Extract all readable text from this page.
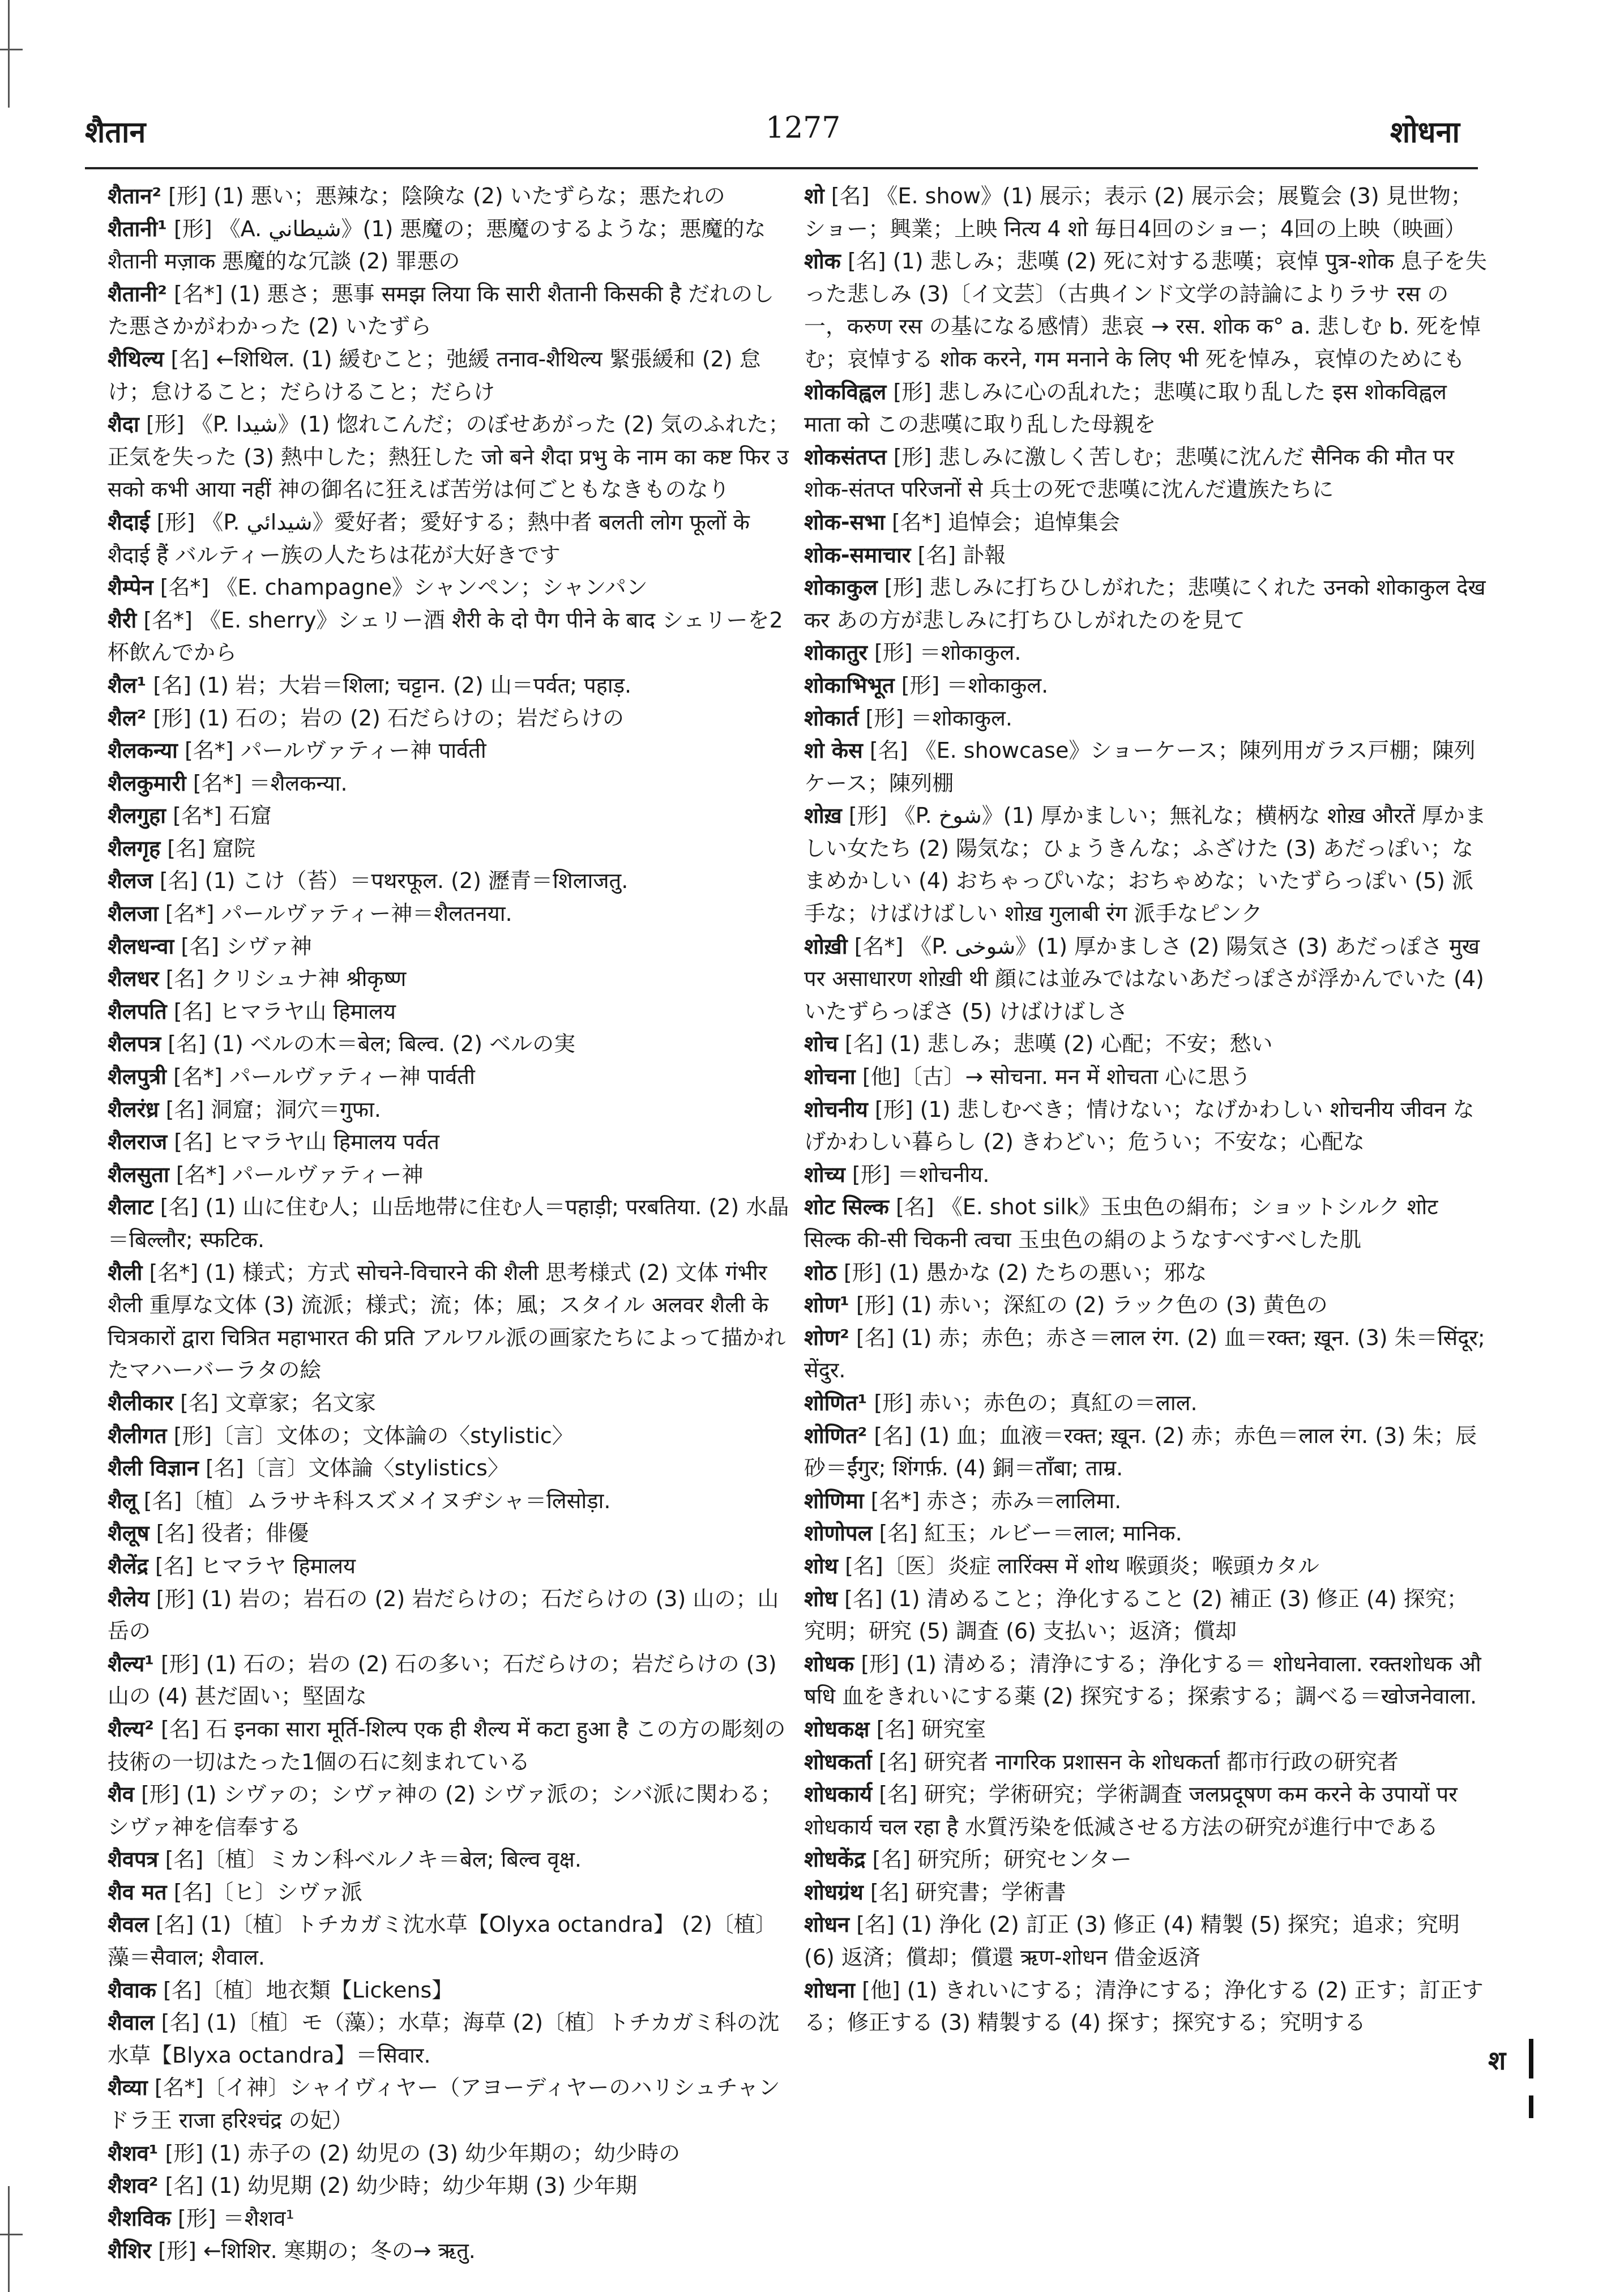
शैतान	1277	शोधना

शैतान² [形] (1) 悪い；悪辣な；陰険な (2) いたずらな；悪たれの

शैतानी¹ [形] 《A. شيطاني》(1) 悪魔の；悪魔のするような；悪魔的な शैतानी मज़ाक 悪魔的な冗談 (2) 罪悪の

शैतानी² [名*] (1) 悪さ；悪事 समझ लिया कि सारी शैतानी किसकी है だれのした悪さかがわかった (2) いたずら

शैथिल्य [名] ←शिथिल. (1) 緩むこと；弛緩 तनाव-शैथिल्य 緊張緩和 (2) 怠け；怠けること；だらけること；だらけ

शैदा [形] 《P. شيدا》(1) 惚れこんだ；のぼせあがった (2) 気のふれた；正気を失った (3) 熱中した；熱狂した जो बने शैदा प्रभु के नाम का कष्ट फिर उसको कभी आया नहीं 神の御名に狂えば苦労は何ごともなきものなり

शैदाई [形] 《P. شيدائي》愛好者；愛好する；熱中者 बलती लोग फूलों के शैदाई हैं バルティー族の人たちは花が大好きです

शैम्पेन [名*] 《E. champagne》シャンペン；シャンパン

शैरी [名*] 《E. sherry》シェリー酒 शैरी के दो पैग पीने के बाद シェリーを2杯飲んでから

शैल¹ [名] (1) 岩；大岩＝शिला; चट्टान. (2) 山＝पर्वत; पहाड़.

शैल² [形] (1) 石の；岩の (2) 石だらけの；岩だらけの

शैलकन्या [名*] パールヴァティー神 पार्वती

शैलकुमारी [名*] ＝शैलकन्या.

शैलगुहा [名*] 石窟

शैलगृह [名] 窟院

शैलज [名] (1) こけ（苔）＝पथरफूल. (2) 瀝青＝शिलाजतु.

शैलजा [名*] パールヴァティー神＝शैलतनया.

शैलधन्वा [名] シヴァ神

शैलधर [名] クリシュナ神 श्रीकृष्ण

शैलपति [名] ヒマラヤ山 हिमालय

शैलपत्र [名] (1) ベルの木＝बेल; बिल्व. (2) ベルの実

शैलपुत्री [名*] パールヴァティー神 पार्वती

शैलरंध्र [名] 洞窟；洞穴＝गुफा.

शैलराज [名] ヒマラヤ山 हिमालय पर्वत

शैलसुता [名*] パールヴァティー神

शैलाट [名] (1) 山に住む人；山岳地帯に住む人＝पहाड़ी; परबतिया. (2) 水晶＝बिल्लौर; स्फटिक.

शैली [名*] (1) 様式；方式 सोचने-विचारने की शैली 思考様式 (2) 文体 गंभीर शैली 重厚な文体 (3) 流派；様式；流；体；風；スタイル अलवर शैली के चित्रकारों द्वारा चित्रित महाभारत की प्रति アルワル派の画家たちによって描かれたマハーバーラタの絵

शैलीकार [名] 文章家；名文家

शैलीगत [形]〔言〕文体の；文体論の〈stylistic〉

शैली विज्ञान [名]〔言〕文体論〈stylistics〉

शैलू [名]〔植〕ムラサキ科スズメイヌヂシャ＝लिसोड़ा.

शैलूष [名] 役者；俳優

शैलेंद्र [名] ヒマラヤ हिमालय

शैलेय [形] (1) 岩の；岩石の (2) 岩だらけの；石だらけの (3) 山の；山岳の

शैल्य¹ [形] (1) 石の；岩の (2) 石の多い；石だらけの；岩だらけの (3) 山の (4) 甚だ固い；堅固な

शैल्य² [名] 石 इनका सारा मूर्ति-शिल्प एक ही शैल्य में कटा हुआ है この方の彫刻の技術の一切はたった1個の石に刻まれている

शैव [形] (1) シヴァの；シヴァ神の (2) シヴァ派の；シバ派に関わる；シヴァ神を信奉する

शैवपत्र [名]〔植〕ミカン科ベルノキ＝बेल; बिल्व वृक्ष.

शैव मत [名]〔ヒ〕シヴァ派

शैवल [名] (1)〔植〕トチカガミ沈水草【Olyxa octandra】 (2)〔植〕藻＝सैवाल; शैवाल.

शैवाक [名]〔植〕地衣類【Lickens】

शैवाल [名] (1)〔植〕モ（藻）；水草；海草 (2)〔植〕トチカガミ科の沈水草【Blyxa octandra】＝सिवार.

शैव्या [名*]〔イ神〕シャイヴィヤー（アヨーディヤーのハリシュチャンドラ王 राजा हरिश्चंद्र の妃）

शैशव¹ [形] (1) 赤子の (2) 幼児の (3) 幼少年期の；幼少時の

शैशव² [名] (1) 幼児期 (2) 幼少時；幼少年期 (3) 少年期

शैशविक [形] ＝शैशव¹

शैशिर [形] ←शिशिर. 寒期の；冬の→ ऋतु.

शो [名] 《E. show》(1) 展示；表示 (2) 展示会；展覧会 (3) 見世物；ショー；興業；上映 नित्य 4 शो 毎日4回のショー；4回の上映（映画）

शोक [名] (1) 悲しみ；悲嘆 (2) 死に対する悲嘆；哀悼 पुत्र-शोक 息子を失った悲しみ (3)〔イ文芸〕（古典インド文学の詩論によりラサ रस の一，करुण रस の基になる感情）悲哀 → रस. शोक क° a. 悲しむ b. 死を悼む；哀悼する शोक करने, गम मनाने के लिए भी 死を悼み，哀悼のためにも

शोकविह्वल [形] 悲しみに心の乱れた；悲嘆に取り乱した इस शोकविह्वल माता को この悲嘆に取り乱した母親を

शोकसंतप्त [形] 悲しみに激しく苦しむ；悲嘆に沈んだ सैनिक की मौत पर शोक-संतप्त परिजनों से 兵士の死で悲嘆に沈んだ遺族たちに

शोक-सभा [名*] 追悼会；追悼集会

शोक-समाचार [名] 訃報

शोकाकुल [形] 悲しみに打ちひしがれた；悲嘆にくれた उनको शोकाकुल देखकर あの方が悲しみに打ちひしがれたのを見て

शोकातुर [形] ＝शोकाकुल.

शोकाभिभूत [形] ＝शोकाकुल.

शोकार्त [形] ＝शोकाकुल.

शो केस [名] 《E. showcase》ショーケース；陳列用ガラス戸棚；陳列ケース；陳列棚

शोख़ [形] 《P. شوخ》(1) 厚かましい；無礼な；横柄な शोख़ औरतें 厚かましい女たち (2) 陽気な；ひょうきんな；ふざけた (3) あだっぽい；なまめかしい (4) おちゃっぴいな；おちゃめな；いたずらっぽい (5) 派手な；けばけばしい शोख़ गुलाबी रंग 派手なピンク

शोख़ी [名*] 《P. شوخى》(1) 厚かましさ (2) 陽気さ (3) あだっぽさ मुख पर असाधारण शोख़ी थी 顔には並みではないあだっぽさが浮かんでいた (4) いたずらっぽさ (5) けばけばしさ

शोच [名] (1) 悲しみ；悲嘆 (2) 心配；不安；愁い

शोचना [他]〔古〕→ सोचना. मन में शोचता 心に思う

शोचनीय [形] (1) 悲しむべき；情けない；なげかわしい शोचनीय जीवन なげかわしい暮らし (2) きわどい；危うい；不安な；心配な

शोच्य [形] ＝शोचनीय.

शोट सिल्क [名] 《E. shot silk》玉虫色の絹布；ショットシルク शोट सिल्क की-सी चिकनी त्वचा 玉虫色の絹のようなすべすべした肌

शोठ [形] (1) 愚かな (2) たちの悪い；邪な

शोण¹ [形] (1) 赤い；深紅の (2) ラック色の (3) 黄色の

शोण² [名] (1) 赤；赤色；赤さ＝लाल रंग. (2) 血＝रक्त; ख़ून. (3) 朱＝सिंदूर; सेंदुर.

शोणित¹ [形] 赤い；赤色の；真紅の＝लाल.

शोणित² [名] (1) 血；血液＝रक्त; ख़ून. (2) 赤；赤色＝लाल रंग. (3) 朱；辰砂＝ईंगुर; शिंगर्फ़. (4) 銅＝ताँबा; ताम्र.

शोणिमा [名*] 赤さ；赤み＝लालिमा.

शोणोपल [名] 紅玉；ルビー＝लाल; मानिक.

शोथ [名]〔医〕炎症 लारिंक्स में शोथ 喉頭炎；喉頭カタル

शोध [名] (1) 清めること；浄化すること (2) 補正 (3) 修正 (4) 探究；究明；研究 (5) 調査 (6) 支払い；返済；償却

शोधक [形] (1) 清める；清浄にする；浄化する＝ शोधनेवाला. रक्तशोधक औषधि 血をきれいにする薬 (2) 探究する；探索する；調べる＝खोजनेवाला.

शोधकक्ष [名] 研究室

शोधकर्ता [名] 研究者 नागरिक प्रशासन के शोधकर्ता 都市行政の研究者

शोधकार्य [名] 研究；学術研究；学術調査 जलप्रदूषण कम करने के उपायों पर शोधकार्य चल रहा है 水質汚染を低減させる方法の研究が進行中である

शोधकेंद्र [名] 研究所；研究センター

शोधग्रंथ [名] 研究書；学術書

शोधन [名] (1) 浄化 (2) 訂正 (3) 修正 (4) 精製 (5) 探究；追求；究明 (6) 返済；償却；償還 ऋण-शोधन 借金返済

शोधना [他] (1) きれいにする；清浄にする；浄化する (2) 正す；訂正する；修正する (3) 精製する (4) 探す；探究する；究明する

श
